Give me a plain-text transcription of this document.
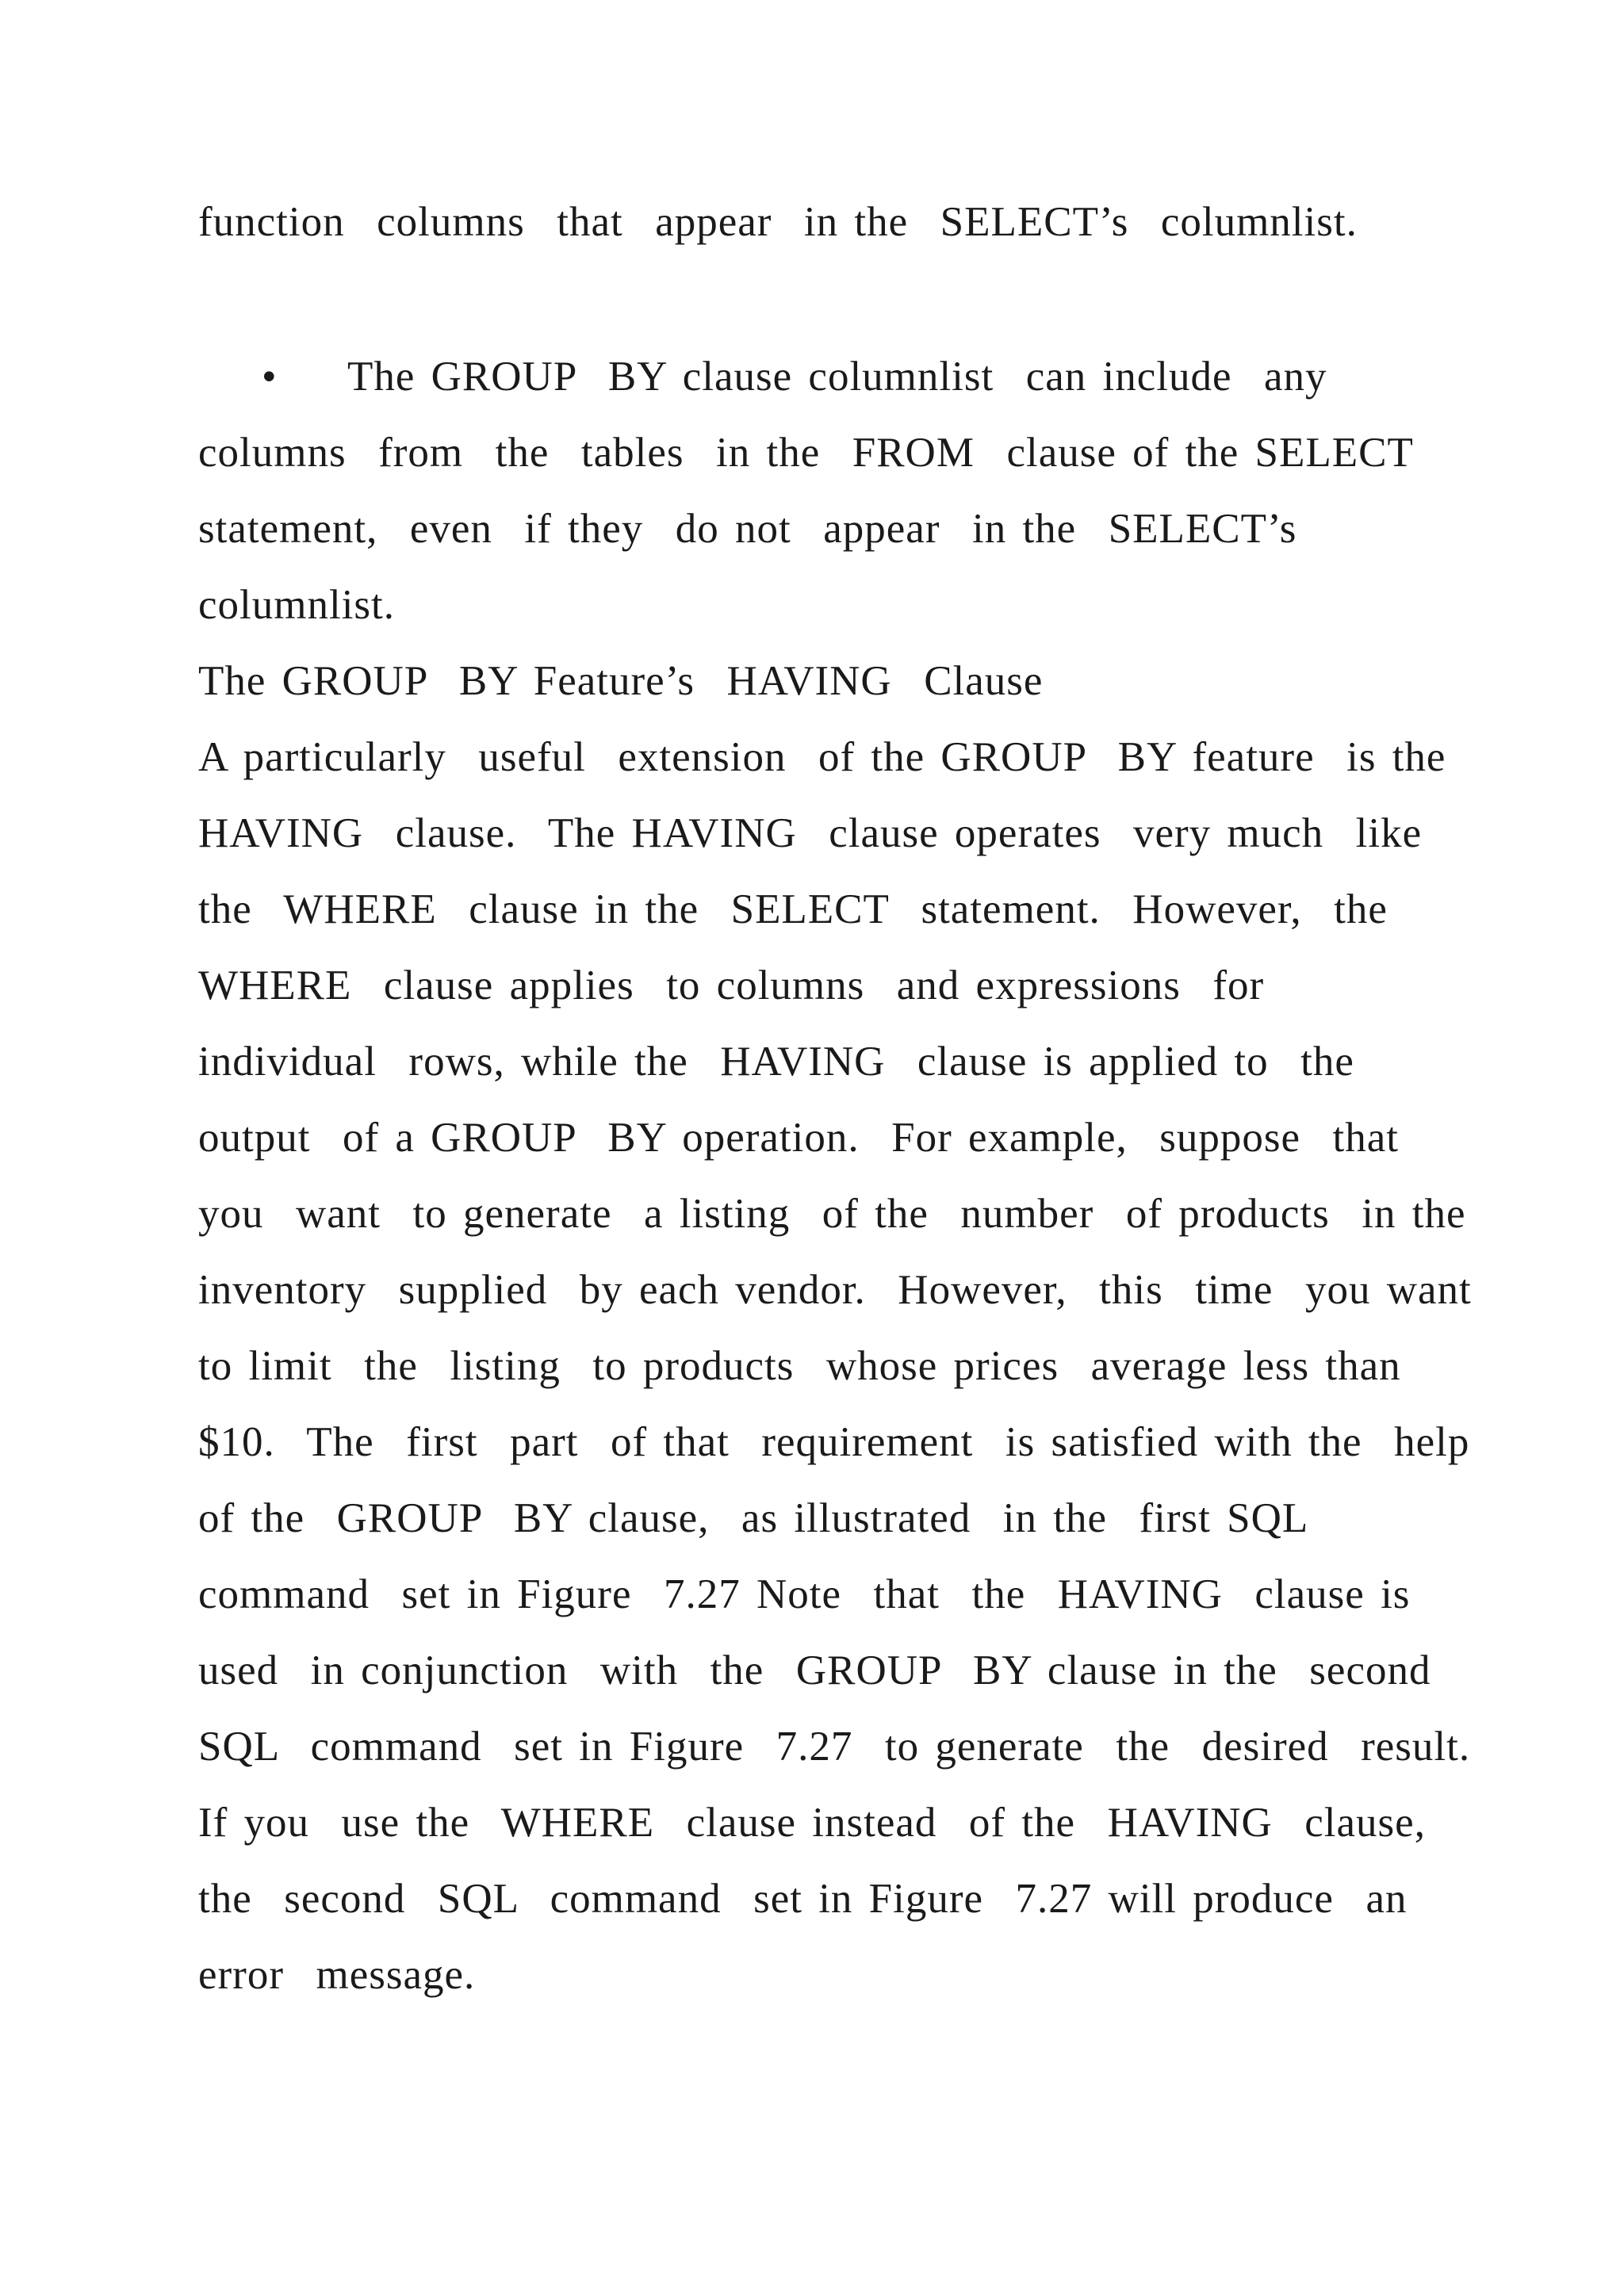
function  columns  that  appear  in the  SELECT’s  columnlist.

• The GROUP  BY clause columnlist  can include  any

columns  from  the  tables  in the  FROM  clause of the SELECT

statement,  even  if they  do not  appear  in the  SELECT’s

columnlist.

The GROUP  BY Feature’s  HAVING  Clause

A particularly  useful  extension  of the GROUP  BY feature  is the

HAVING  clause.  The HAVING  clause operates  very much  like

the  WHERE  clause in the  SELECT  statement.  However,  the

WHERE  clause applies  to columns  and expressions  for

individual  rows, while the  HAVING  clause is applied to  the

output  of a GROUP  BY operation.  For example,  suppose  that

you  want  to generate  a listing  of the  number  of products  in the

inventory  supplied  by each vendor.  However,  this  time  you want

to limit  the  listing  to products  whose prices  average less than

$10.  The  first  part  of that  requirement  is satisfied with the  help

of the  GROUP  BY clause,  as illustrated  in the  first SQL

command  set in Figure  7.27 Note  that  the  HAVING  clause is

used  in conjunction  with  the  GROUP  BY clause in the  second

SQL  command  set in Figure  7.27  to generate  the  desired  result.

If you  use the  WHERE  clause instead  of the  HAVING  clause,

the  second  SQL  command  set in Figure  7.27 will produce  an

error  message.
